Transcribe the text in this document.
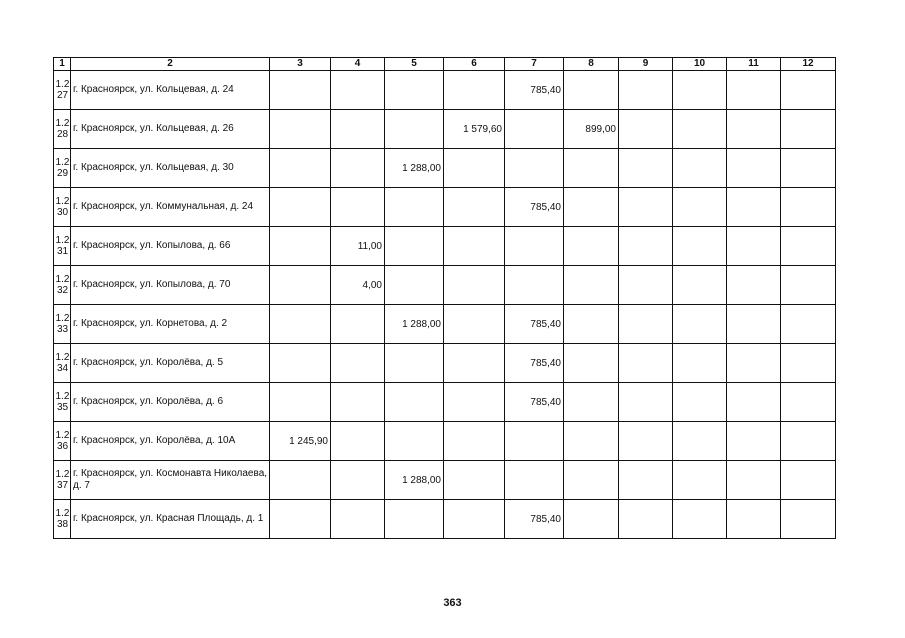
1	2	3	4	5	6	7	8	9	10	11	12

1.2
27	г. Красноярск, ул. Кольцевая, д. 24					785,40					

1.2
28	г. Красноярск, ул. Кольцевая, д. 26				1 579,60		899,00				

1.2
29	г. Красноярск, ул. Кольцевая, д. 30			1 288,00							

1.2
30	г. Красноярск, ул. Коммунальная, д. 24					785,40					

1.2
31	г. Красноярск, ул. Копылова, д. 66		11,00								

1.2
32	г. Красноярск, ул. Копылова, д. 70		4,00								

1.2
33	г. Красноярск, ул. Корнетова, д. 2			1 288,00		785,40					

1.2
34	г. Красноярск, ул. Королёва, д. 5					785,40					

1.2
35	г. Красноярск, ул. Королёва, д. 6					785,40					

1.2
36	г. Красноярск, ул. Королёва, д. 10А	1 245,90									

1.2
37	г. Красноярск, ул. Космонавта Николаева, д. 7			1 288,00							

1.2
38	г. Красноярск, ул. Красная Площадь, д. 1					785,40					
363
